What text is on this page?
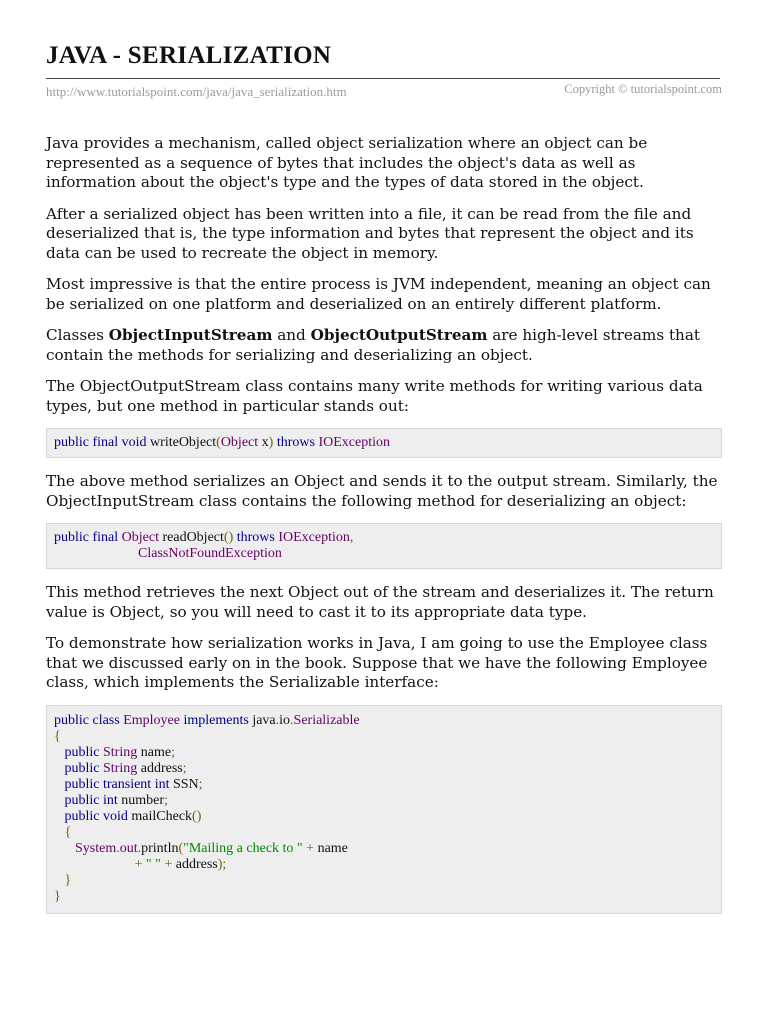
JAVA - SERIALIZATION
http://www.tutorialspoint.com/java/java_serialization.htm	Copyright © tutorialspoint.com

Java provides a mechanism, called object serialization where an object can be represented as a sequence of bytes that includes the object's data as well as information about the object's type and the types of data stored in the object.

After a serialized object has been written into a file, it can be read from the file and deserialized that is, the type information and bytes that represent the object and its data can be used to recreate the object in memory.

Most impressive is that the entire process is JVM independent, meaning an object can be serialized on one platform and deserialized on an entirely different platform.

Classes ObjectInputStream and ObjectOutputStream are high-level streams that contain the methods for serializing and deserializing an object.

The ObjectOutputStream class contains many write methods for writing various data types, but one method in particular stands out:

public final void writeObject(Object x) throws IOException

The above method serializes an Object and sends it to the output stream. Similarly, the ObjectInputStream class contains the following method for deserializing an object:

public final Object readObject() throws IOException,
ClassNotFoundException

This method retrieves the next Object out of the stream and deserializes it. The return value is Object, so you will need to cast it to its appropriate data type.

To demonstrate how serialization works in Java, I am going to use the Employee class that we discussed early on in the book. Suppose that we have the following Employee class, which implements the Serializable interface:

public class Employee implements java.io.Serializable
{
public String name;
public String address;
public transient int SSN;
public int number;
public void mailCheck()
{
System.out.println("Mailing a check to " + name
+ " " + address);
}
}
